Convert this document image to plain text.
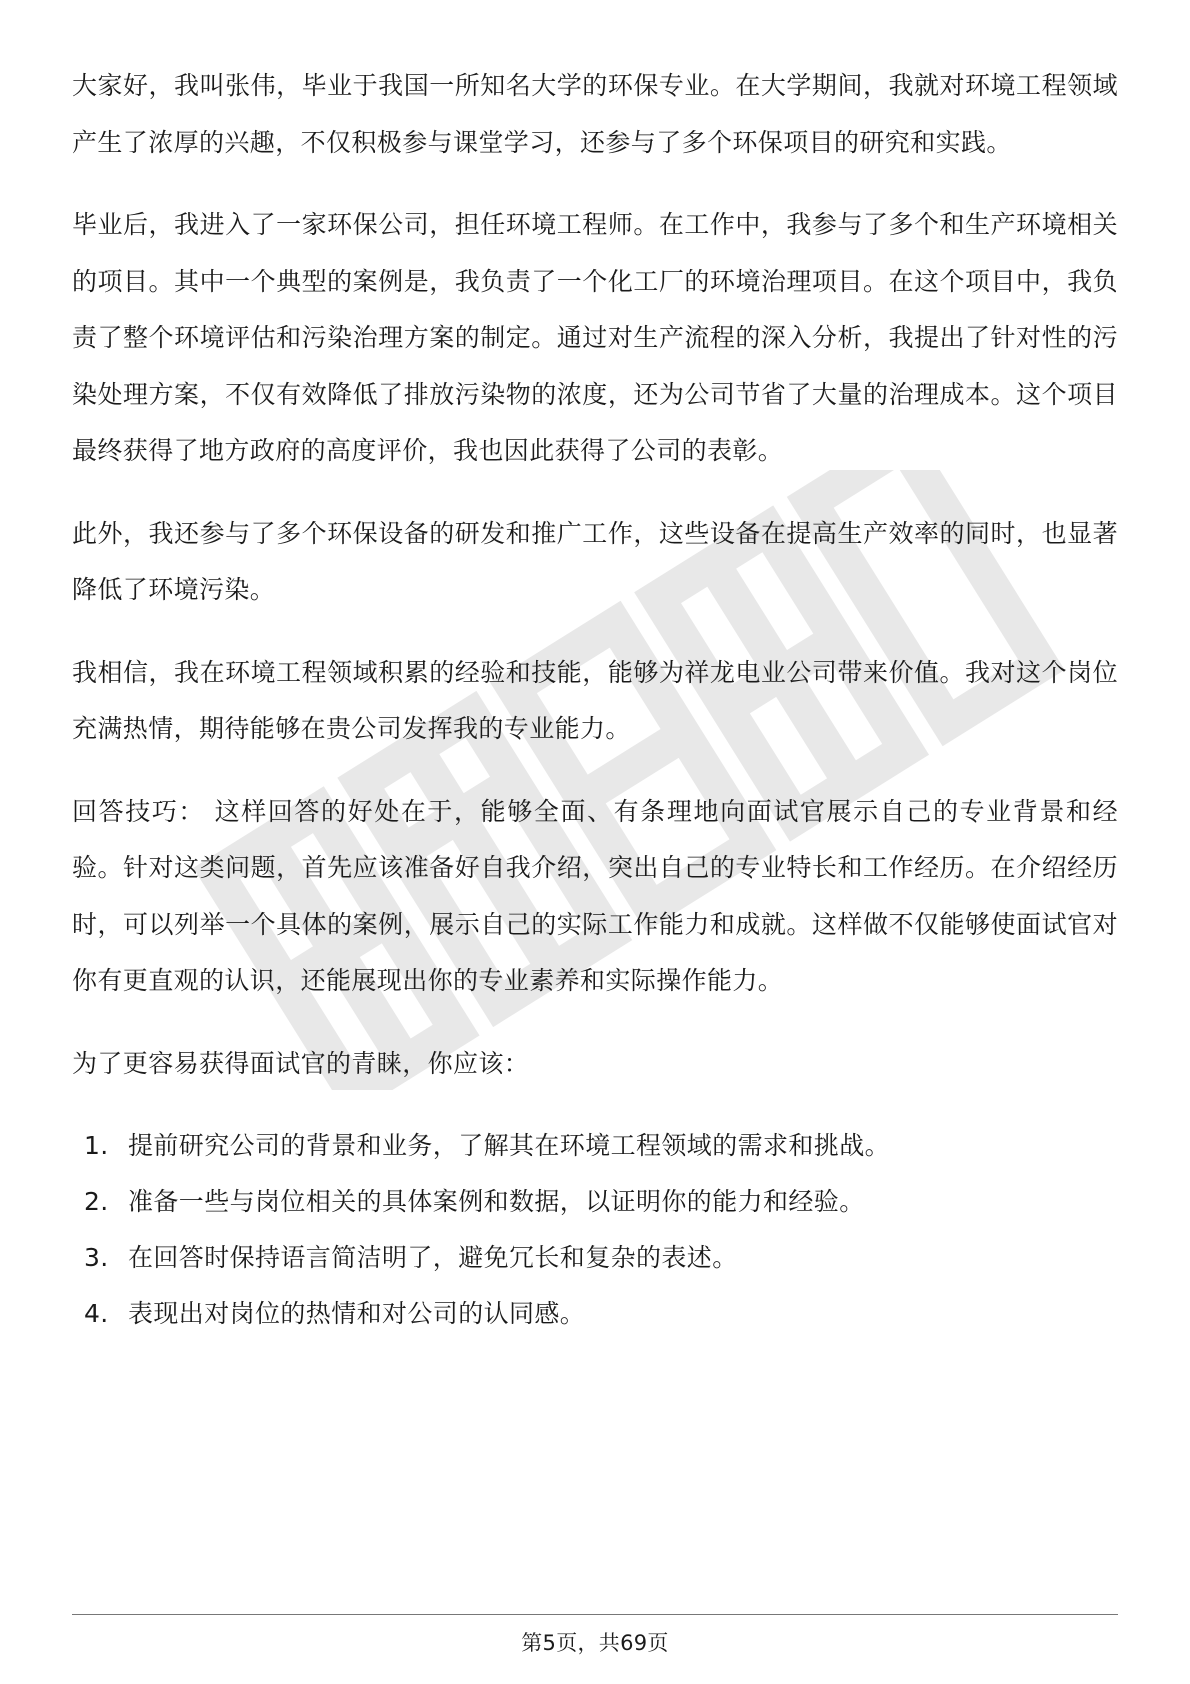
大家好，我叫张伟，毕业于我国一所知名大学的环保专业。在大学期间，我就对环境工程领域产生了浓厚的兴趣，不仅积极参与课堂学习，还参与了多个环保项目的研究和实践。

毕业后，我进入了一家环保公司，担任环境工程师。在工作中，我参与了多个和生产环境相关的项目。其中一个典型的案例是，我负责了一个化工厂的环境治理项目。在这个项目中，我负责了整个环境评估和污染治理方案的制定。通过对生产流程的深入分析，我提出了针对性的污染处理方案，不仅有效降低了排放污染物的浓度，还为公司节省了大量的治理成本。这个项目最终获得了地方政府的高度评价，我也因此获得了公司的表彰。

此外，我还参与了多个环保设备的研发和推广工作，这些设备在提高生产效率的同时，也显著降低了环境污染。

我相信，我在环境工程领域积累的经验和技能，能够为祥龙电业公司带来价值。我对这个岗位充满热情，期待能够在贵公司发挥我的专业能力。

回答技巧： 这样回答的好处在于，能够全面、有条理地向面试官展示自己的专业背景和经验。针对这类问题，首先应该准备好自我介绍，突出自己的专业特长和工作经历。在介绍经历时，可以列举一个具体的案例，展示自己的实际工作能力和成就。这样做不仅能够使面试官对你有更直观的认识，还能展现出你的专业素养和实际操作能力。

为了更容易获得面试官的青睐，你应该：

1. 提前研究公司的背景和业务，了解其在环境工程领域的需求和挑战。
2. 准备一些与岗位相关的具体案例和数据，以证明你的能力和经验。
3. 在回答时保持语言简洁明了，避免冗长和复杂的表述。
4. 表现出对岗位的热情和对公司的认同感。
第5页，共69页
